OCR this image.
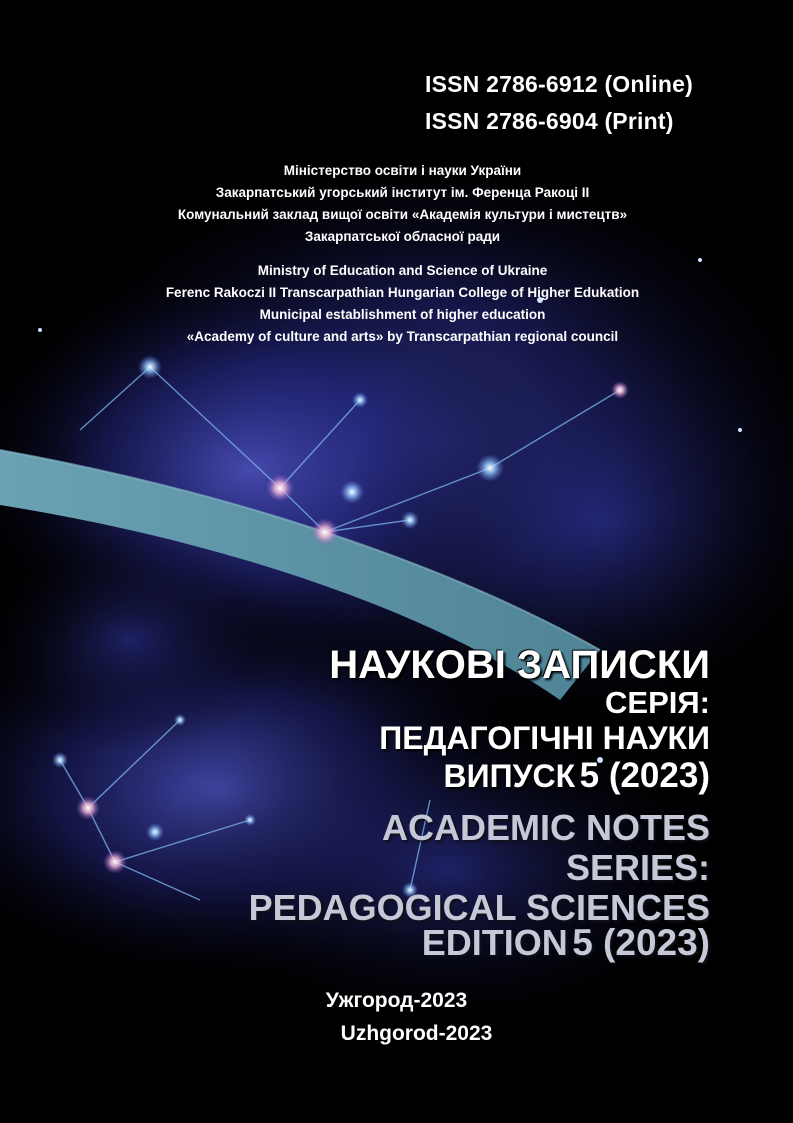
ISSN 2786-6912 (Online)
ISSN 2786-6904 (Print)
Міністерство освіти і науки України
Закарпатський угорський інститут ім. Ференца Ракоці II
Комунальний заклад вищої освіти «Академія культури і мистецтв»
Закарпатської обласної ради
Ministry of Education and Science of Ukraine
Ferenc Rakoczi II Transcarpathian Hungarian College of Higher Edukation
Municipal establishment of higher education
«Academy of culture and arts» by Transcarpathian regional council
НАУКОВІ ЗАПИСКИ
СЕРІЯ:
ПЕДАГОГІЧНІ НАУКИ
ВИПУСК 5 (2023)
ACADEMIC NOTES
SERIES:
PEDAGOGICAL SCIENCES
EDITION 5 (2023)
Ужгород-2023
Uzhgorod-2023
